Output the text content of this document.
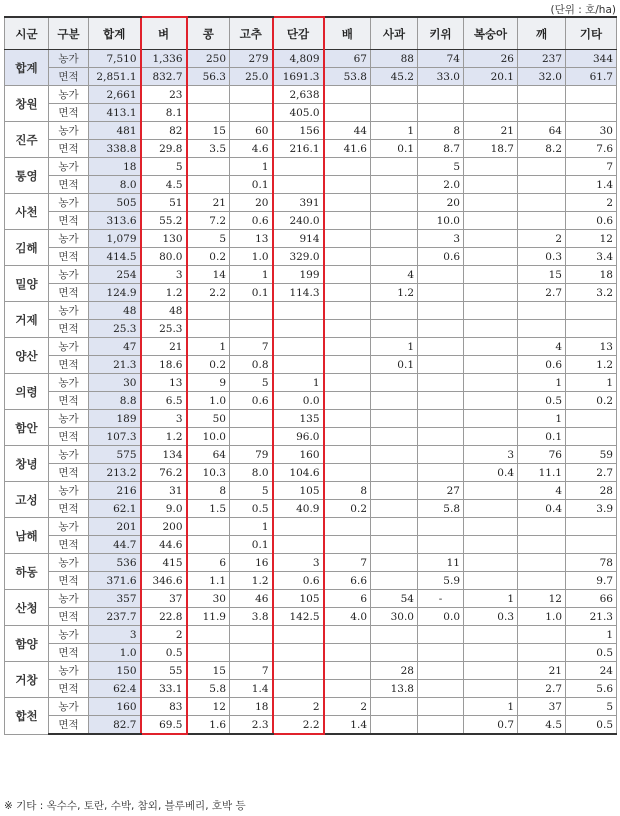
(단위 : 호/ha)
시군	구분	합계	벼	콩	고추	단감	배	사과	키위	복숭아	깨	기타
합계	농가	7,510	1,336	250	279	4,809	67	88	74	26	237	344
	면적	2,851.1	832.7	56.3	25.0	1691.3	53.8	45.2	33.0	20.1	32.0	61.7
창원	농가	2,661	23			2,638						
	면적	413.1	8.1			405.0						
진주	농가	481	82	15	60	156	44	1	8	21	64	30
	면적	338.8	29.8	3.5	4.6	216.1	41.6	0.1	8.7	18.7	8.2	7.6
통영	농가	18	5		1				5			7
	면적	8.0	4.5		0.1				2.0			1.4
사천	농가	505	51	21	20	391			20			2
	면적	313.6	55.2	7.2	0.6	240.0			10.0			0.6
김해	농가	1,079	130	5	13	914			3		2	12
	면적	414.5	80.0	0.2	1.0	329.0			0.6		0.3	3.4
밀양	농가	254	3	14	1	199		4			15	18
	면적	124.9	1.2	2.2	0.1	114.3		1.2			2.7	3.2
거제	농가	48	48									
	면적	25.3	25.3									
양산	농가	47	21	1	7			1			4	13
	면적	21.3	18.6	0.2	0.8			0.1			0.6	1.2
의령	농가	30	13	9	5	1					1	1
	면적	8.8	6.5	1.0	0.6	0.0					0.5	0.2
함안	농가	189	3	50		135					1	
	면적	107.3	1.2	10.0		96.0					0.1	
창녕	농가	575	134	64	79	160				3	76	59
	면적	213.2	76.2	10.3	8.0	104.6				0.4	11.1	2.7
고성	농가	216	31	8	5	105	8		27		4	28
	면적	62.1	9.0	1.5	0.5	40.9	0.2		5.8		0.4	3.9
남해	농가	201	200		1							
	면적	44.7	44.6		0.1							
하동	농가	536	415	6	16	3	7		11			78
	면적	371.6	346.6	1.1	1.2	0.6	6.6		5.9			9.7
산청	농가	357	37	30	46	105	6	54	-	1	12	66
	면적	237.7	22.8	11.9	3.8	142.5	4.0	30.0	0.0	0.3	1.0	21.3
함양	농가	3	2									1
	면적	1.0	0.5									0.5
거창	농가	150	55	15	7			28			21	24
	면적	62.4	33.1	5.8	1.4			13.8			2.7	5.6
합천	농가	160	83	12	18	2	2			1	37	5
	면적	82.7	69.5	1.6	2.3	2.2	1.4			0.7	4.5	0.5
※ 기타 : 옥수수, 토란, 수박, 참외, 블루베리, 호박 등
